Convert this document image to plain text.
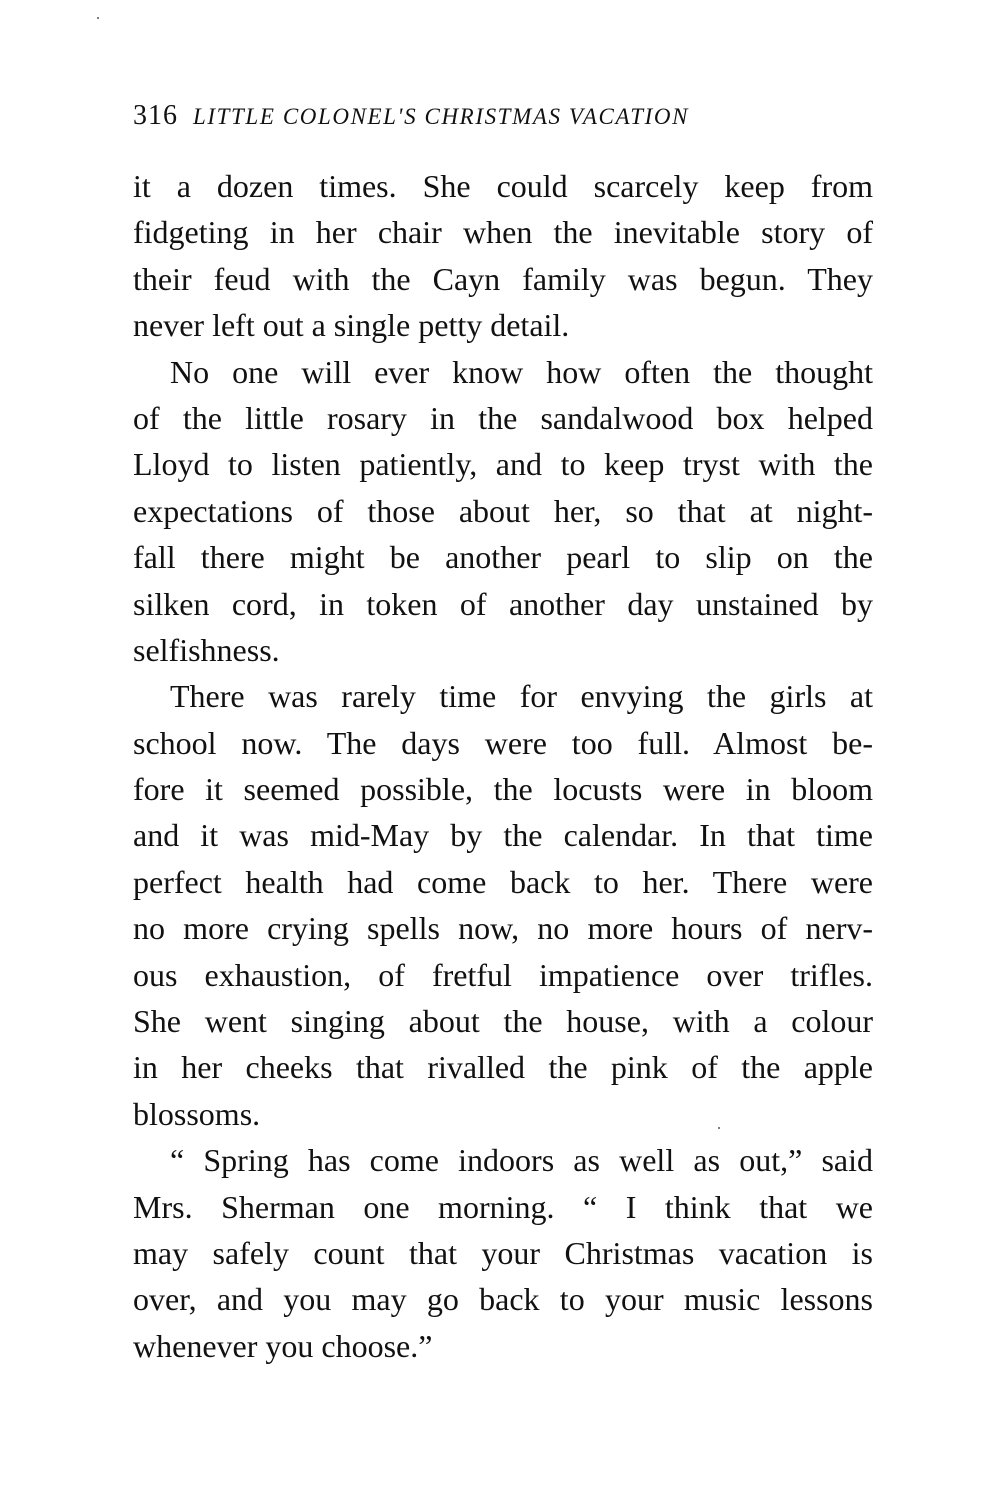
316 LITTLE COLONEL'S CHRISTMAS VACATION
it a dozen times. She could scarcely keep from
fidgeting in her chair when the inevitable story of
their feud with the Cayn family was begun. They
never left out a single petty detail.
No one will ever know how often the thought
of the little rosary in the sandalwood box helped
Lloyd to listen patiently, and to keep tryst with the
expectations of those about her, so that at night-
fall there might be another pearl to slip on the
silken cord, in token of another day unstained by
selfishness.
There was rarely time for envying the girls at
school now. The days were too full. Almost be-
fore it seemed possible, the locusts were in bloom
and it was mid-May by the calendar. In that time
perfect health had come back to her. There were
no more crying spells now, no more hours of nerv-
ous exhaustion, of fretful impatience over trifles.
She went singing about the house, with a colour
in her cheeks that rivalled the pink of the apple
blossoms.
“ Spring has come indoors as well as out,” said
Mrs. Sherman one morning. “ I think that we
may safely count that your Christmas vacation is
over, and you may go back to your music lessons
whenever you choose.”
